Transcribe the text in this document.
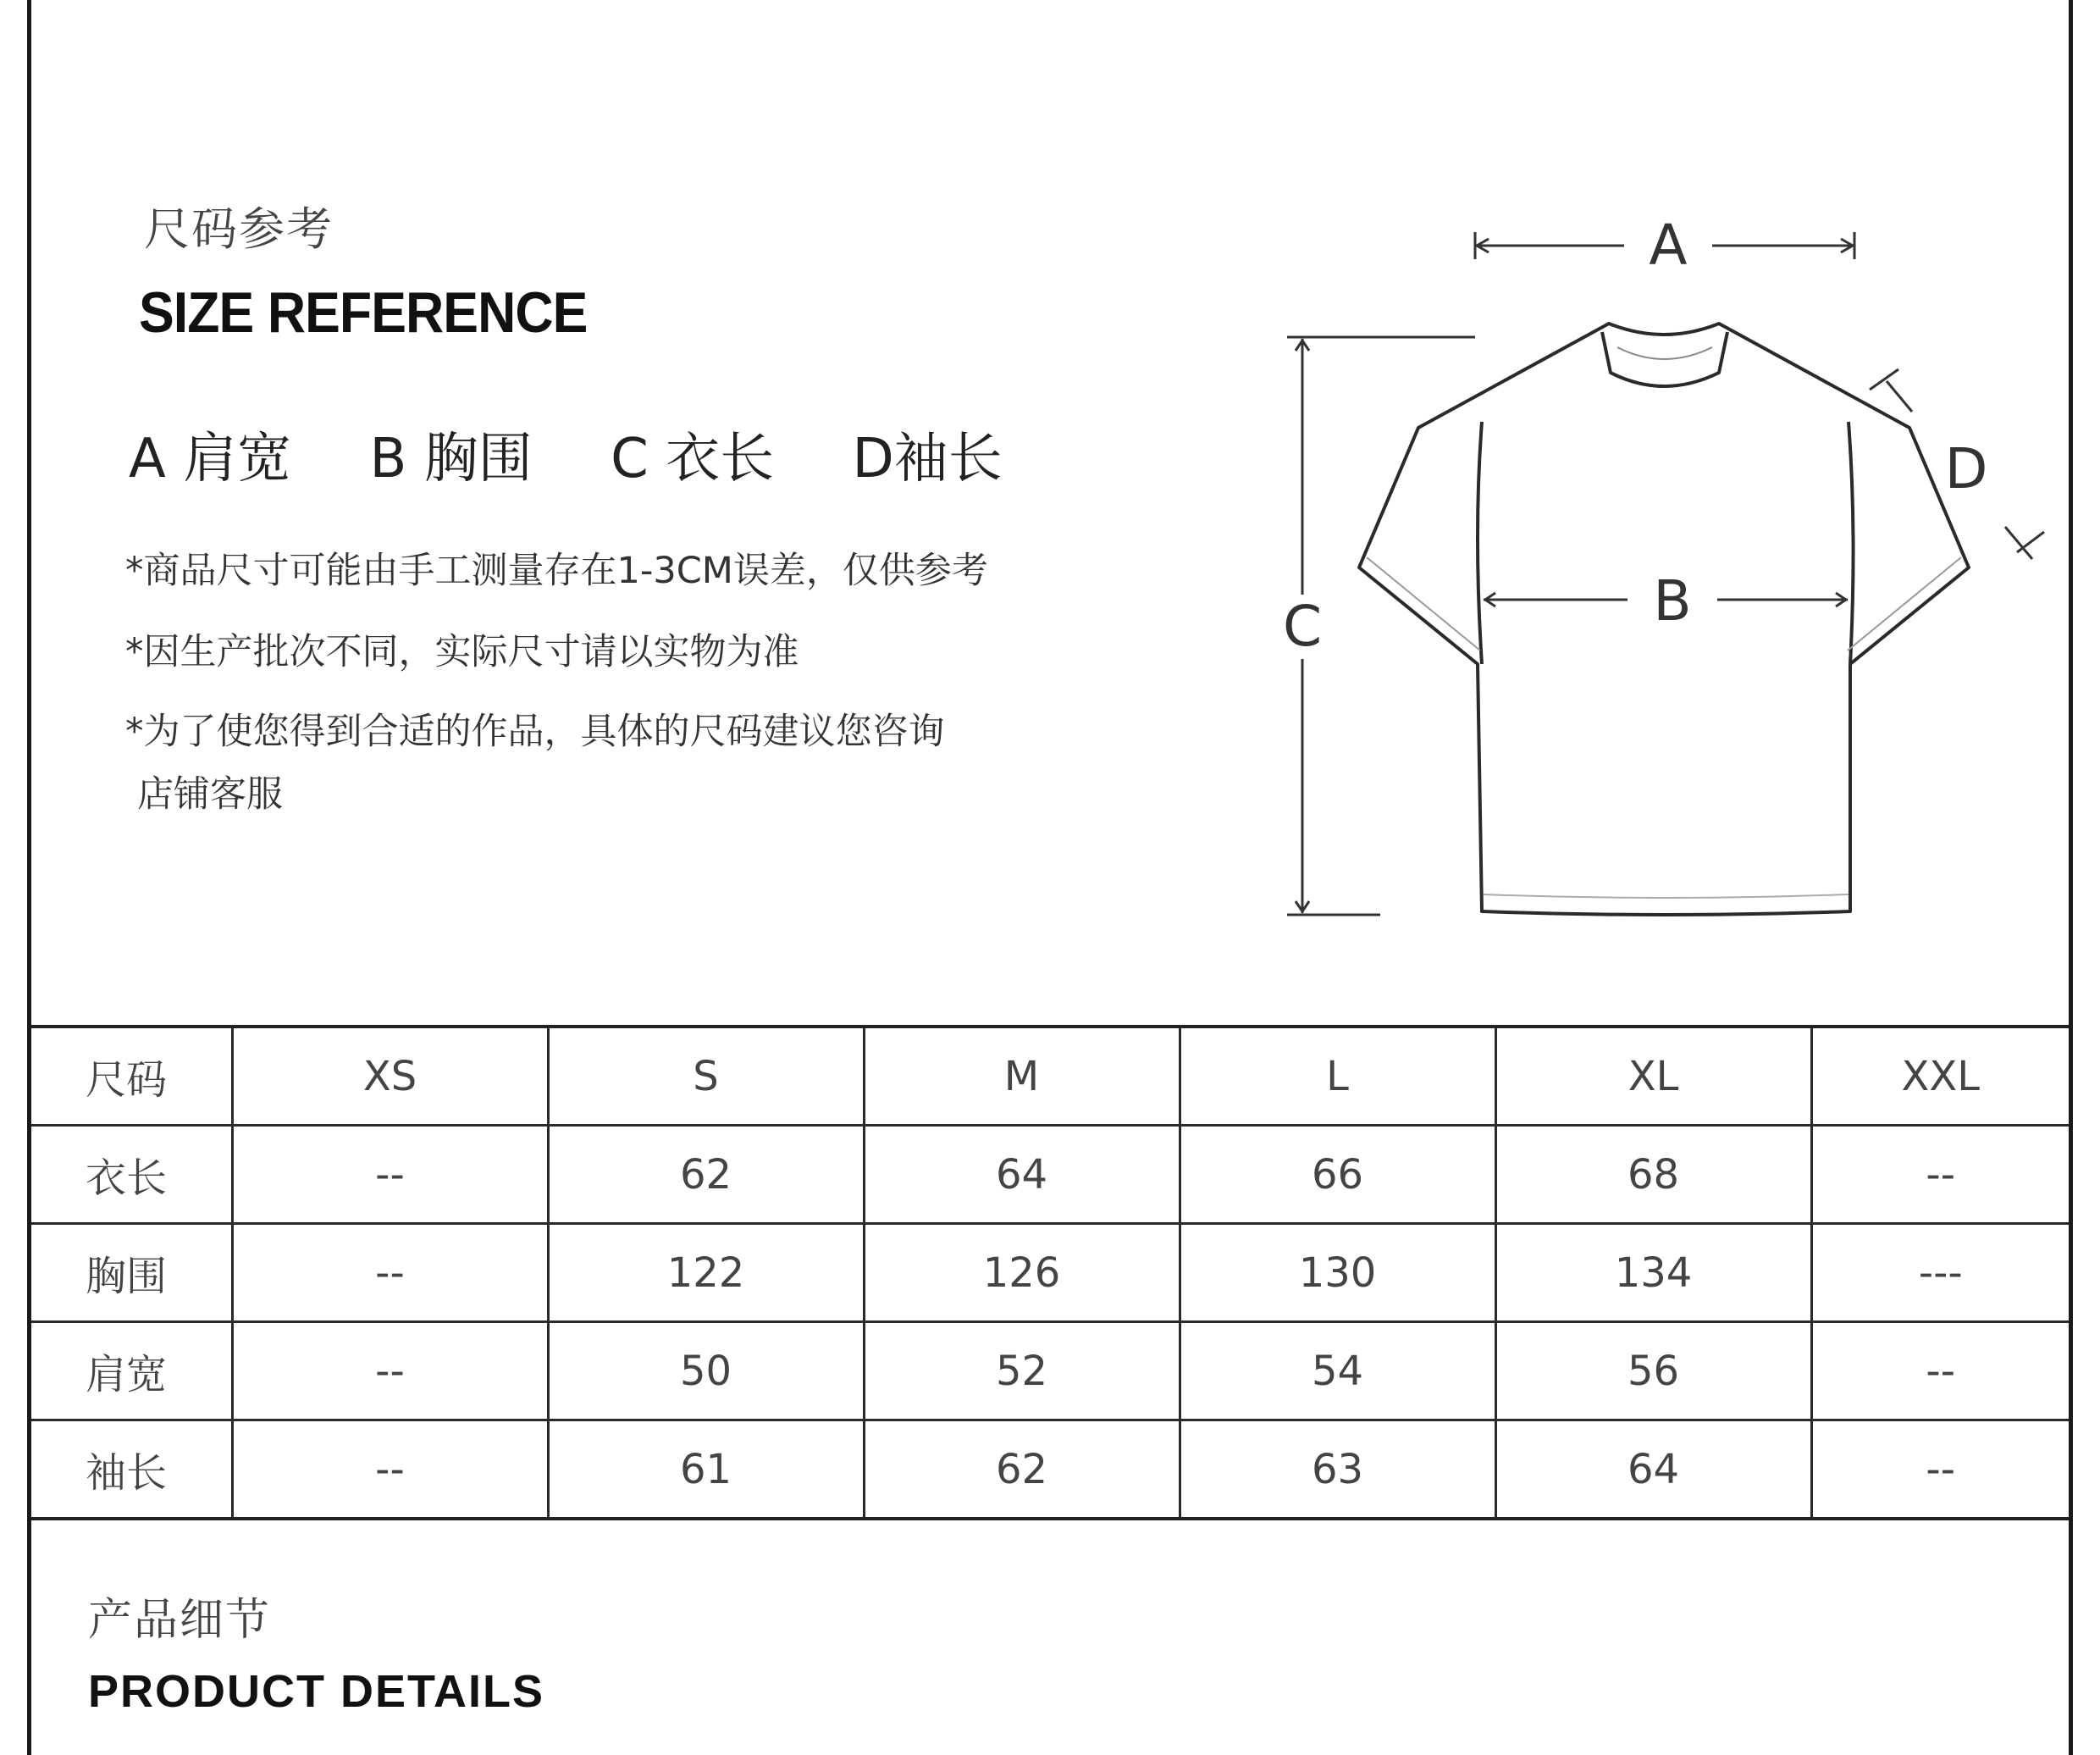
尺码参考
SIZE REFERENCE
A 肩宽 B 胸围 C 衣长 D袖长
*商品尺寸可能由手工测量存在1-3CM误差，仅供参考
*因生产批次不同，实际尺寸请以实物为准
*为了使您得到合适的作品，具体的尺码建议您咨询
店铺客服
A
B
C
D
尺码	XS	S	M	L	XL	XXL
衣长	--	62	64	66	68	--
胸围	--	122	126	130	134	---
肩宽	--	50	52	54	56	--
袖长	--	61	62	63	64	--
产品细节
PRODUCT DETAILS
